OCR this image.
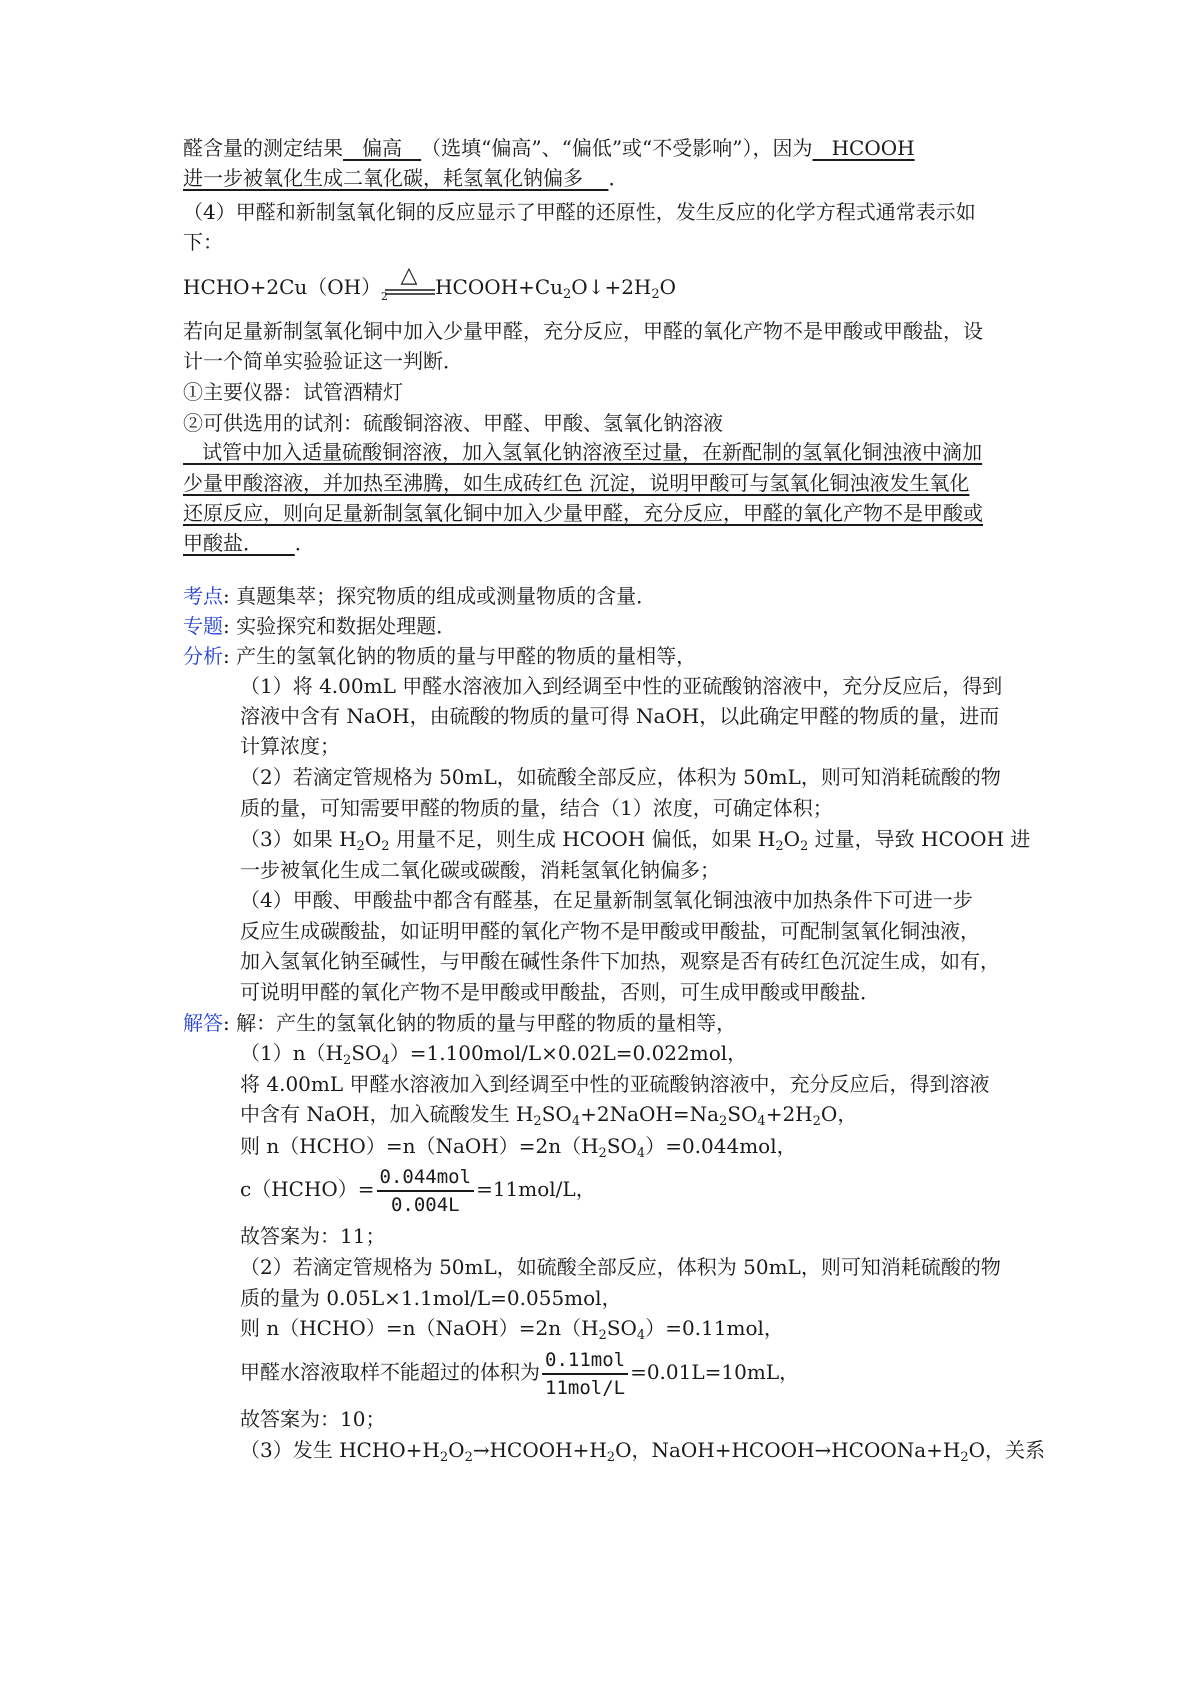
醛含量的测定结果   偏高   （选填“偏高”、“偏低”或“不受影响”），因为   HCOOH
进一步被氧化生成二氧化碳，耗氢氧化钠偏多    ．
（4）甲醛和新制氢氧化铜的反应显示了甲醛的还原性，发生反应的化学方程式通常表示如
下：
HCHO+2Cu（OH） △
2 $HCOOH+Cu_2O↓+2H_2O$
若向足量新制氢氧化铜中加入少量甲醛，充分反应，甲醛的氧化产物不是甲酸或甲酸盐，设
计一个简单实验验证这一判断．
①主要仪器：试管酒精灯
②可供选用的试剂：硫酸铜溶液、甲醛、甲酸、氢氧化钠溶液
试管中加入适量硫酸铜溶液，加入氢氧化钠溶液至过量，在新配制的氢氧化铜浊液中滴加
少量甲酸溶液，并加热至沸腾，如生成砖红色 沉淀，说明甲酸可与氢氧化铜浊液发生氧化
还原反应，则向足量新制氢氧化铜中加入少量甲醛，充分反应，甲醛的氧化产物不是甲酸或
甲酸盐．     ．
考点: 真题集萃；探究物质的组成或测量物质的含量．
专题: 实验探究和数据处理题．
分析: 产生的氢氧化钠的物质的量与甲醛的物质的量相等，
（1）将 4.00mL 甲醛水溶液加入到经调至中性的亚硫酸钠溶液中，充分反应后，得到
溶液中含有 NaOH，由硫酸的物质的量可得 NaOH，以此确定甲醛的物质的量，进而
计算浓度；
（2）若滴定管规格为 50mL，如硫酸全部反应，体积为 50mL，则可知消耗硫酸的物
质的量，可知需要甲醛的物质的量，结合（1）浓度，可确定体积；
（3）如果 $H_2O_2$ 用量不足，则生成 HCOOH 偏低，如果 $H_2O_2$ 过量，导致 HCOOH 进
一步被氧化生成二氧化碳或碳酸，消耗氢氧化钠偏多；
（4）甲酸、甲酸盐中都含有醛基，在足量新制氢氧化铜浊液中加热条件下可进一步
反应生成碳酸盐，如证明甲醛的氧化产物不是甲酸或甲酸盐，可配制氢氧化铜浊液，
加入氢氧化钠至碱性，与甲酸在碱性条件下加热，观察是否有砖红色沉淀生成，如有，
可说明甲醛的氧化产物不是甲酸或甲酸盐，否则，可生成甲酸或甲酸盐．
解答: 解：产生的氢氧化钠的物质的量与甲醛的物质的量相等，
$(1)n(H_2SO_4)=1.100mol/L\times 0.02L=0.022mol$，
将 4.00mL 甲醛水溶液加入到经调至中性的亚硫酸钠溶液中，充分反应后，得到溶液
中含有 NaOH，加入硫酸发生 $H_2SO_4+2NaOH=Na_2SO_4+2H_2O$，
则 $n(HCHO)=n(NaOH)=2n(H_2SO_4)=0.044mol$，
c（HCHO）= $\frac{\text{0.044mol}}{0.004L} =11mol/L$，
故答案为：11；
（2）若滴定管规格为 50mL，如硫酸全部反应，体积为 50mL，则可知消耗硫酸的物
质的量为 0.05L×1.1mol/L=0.055mol，
则 $n(HCHO)=n(NaOH)=2n(H_2SO_4)=0.11mol$，
甲醛水溶液取样不能超过的体积为 $\frac{\text{0.11mol}}{\text{11mol/L}} =0.01L=10mL$，
故答案为：10；
（3）发生 $HCHO+H_2O_2\to HCOOH+H_2O$，$NaOH+HCOOH\to HCOONa+H_2O$，关系
